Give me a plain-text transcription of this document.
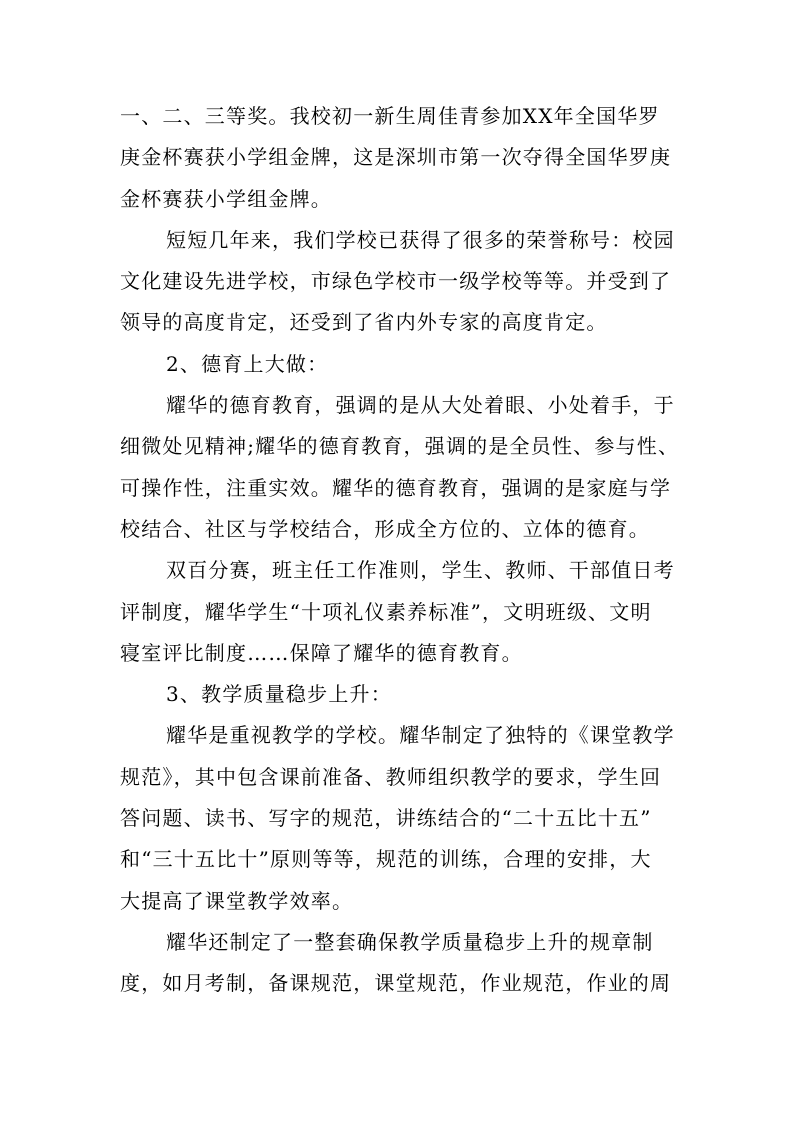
一、二、三等奖。我校初一新生周佳青参加XX年全国华罗
庚金杯赛获小学组金牌，这是深圳市第一次夺得全国华罗庚
金杯赛获小学组金牌。
短短几年来，我们学校已获得了很多的荣誉称号：校园
文化建设先进学校，市绿色学校市一级学校等等。并受到了
领导的高度肯定，还受到了省内外专家的高度肯定。
2、德育上大做：
耀华的德育教育，强调的是从大处着眼、小处着手，于
细微处见精神;耀华的德育教育，强调的是全员性、参与性、
可操作性，注重实效。耀华的德育教育，强调的是家庭与学
校结合、社区与学校结合，形成全方位的、立体的德育。
双百分赛，班主任工作准则，学生、教师、干部值日考
评制度，耀华学生“十项礼仪素养标准”，文明班级、文明
寝室评比制度……保障了耀华的德育教育。
3、教学质量稳步上升：
耀华是重视教学的学校。耀华制定了独特的《课堂教学
规范》，其中包含课前准备、教师组织教学的要求，学生回
答问题、读书、写字的规范，讲练结合的“二十五比十五”
和“三十五比十”原则等等，规范的训练，合理的安排，大
大提高了课堂教学效率。
耀华还制定了一整套确保教学质量稳步上升的规章制
度，如月考制，备课规范，课堂规范，作业规范，作业的周
